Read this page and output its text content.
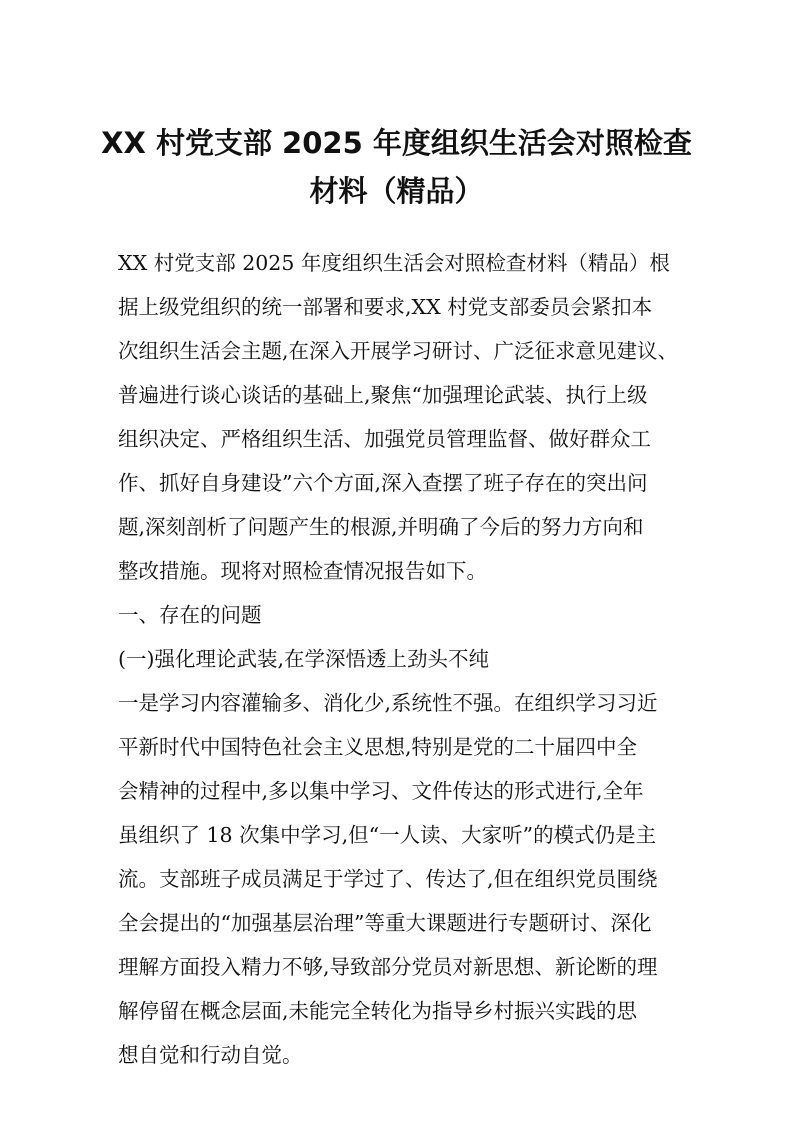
XX 村党支部 2025 年度组织生活会对照检查
材料（精品）
XX 村党支部 2025 年度组织生活会对照检查材料（精品）根
据上级党组织的统一部署和要求,XX 村党支部委员会紧扣本
次组织生活会主题,在深入开展学习研讨、广泛征求意见建议、
普遍进行谈心谈话的基础上,聚焦“加强理论武装、执行上级
组织决定、严格组织生活、加强党员管理监督、做好群众工
作、抓好自身建设”六个方面,深入查摆了班子存在的突出问
题,深刻剖析了问题产生的根源,并明确了今后的努力方向和
整改措施。现将对照检查情况报告如下。
一、存在的问题
(一)强化理论武装,在学深悟透上劲头不纯
一是学习内容灌输多、消化少,系统性不强。在组织学习习近
平新时代中国特色社会主义思想,特别是党的二十届四中全
会精神的过程中,多以集中学习、文件传达的形式进行,全年
虽组织了 18 次集中学习,但“一人读、大家听”的模式仍是主
流。支部班子成员满足于学过了、传达了,但在组织党员围绕
全会提出的“加强基层治理”等重大课题进行专题研讨、深化
理解方面投入精力不够,导致部分党员对新思想、新论断的理
解停留在概念层面,未能完全转化为指导乡村振兴实践的思
想自觉和行动自觉。
